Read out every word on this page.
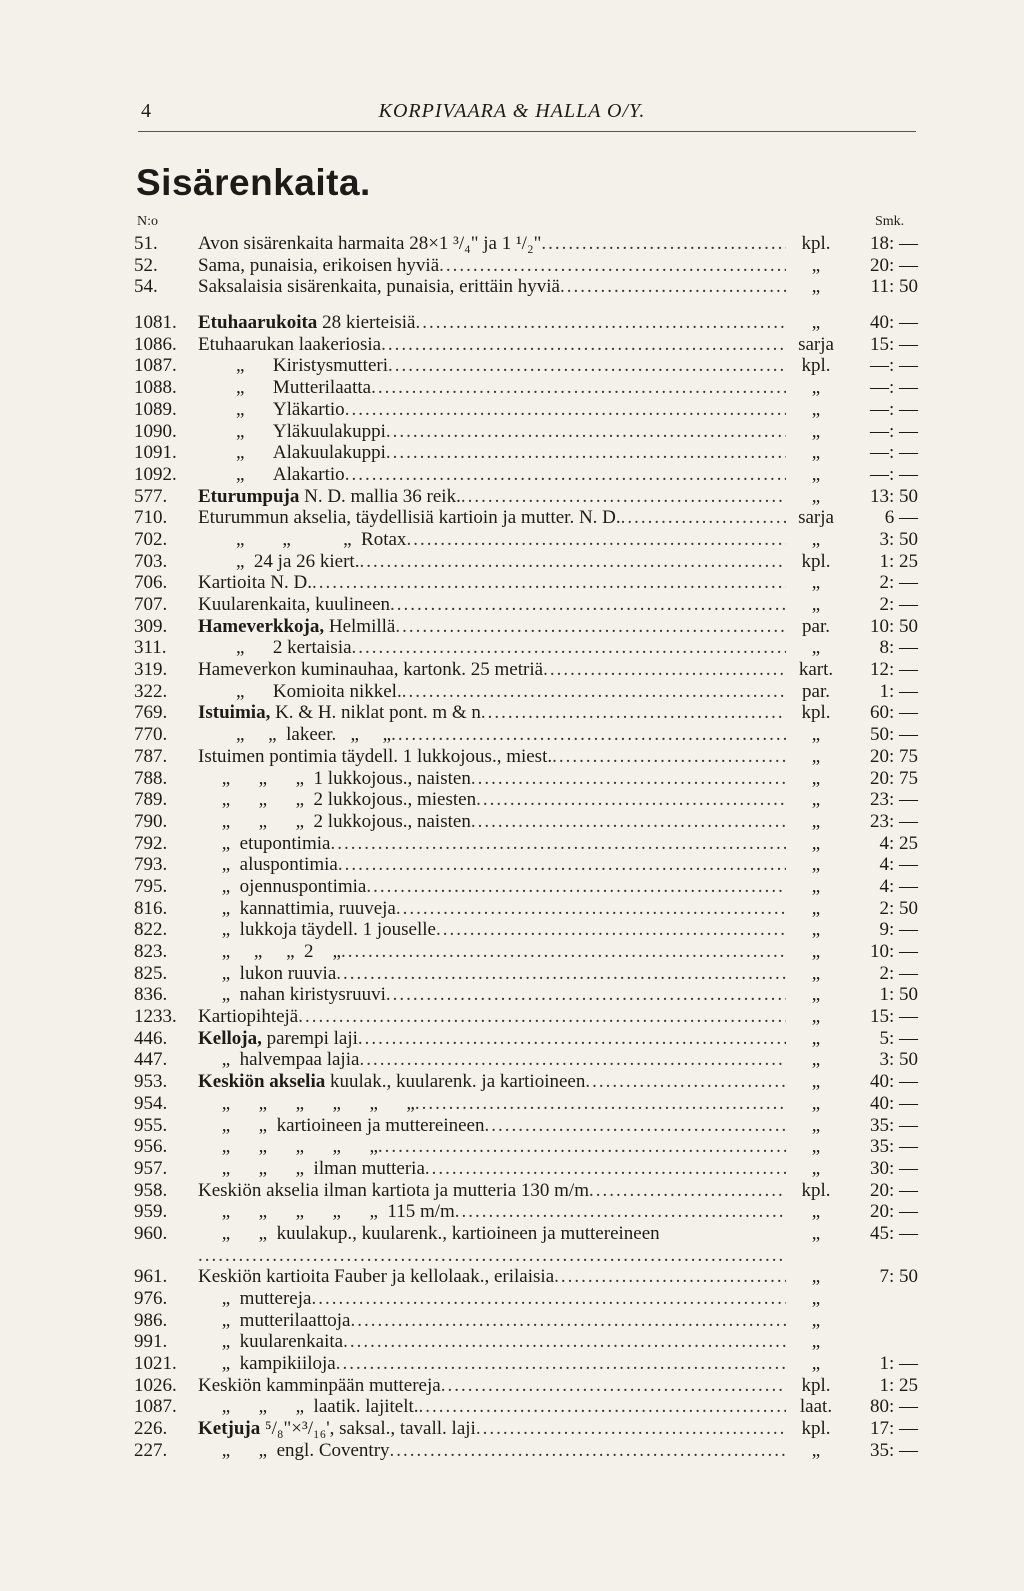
4	KORPIVAARA & HALLA O/Y.
Sisärenkaita.
N:o	Smk.
51.	Avon sisärenkaita harmaita 28×1 ³/₄" ja 1 ¹/₂" .....	kpl.	18: —
52.	Sama, punaisia, erikoisen hyviä .....	„	20: —
54.	Saksalaisia sisärenkaita, punaisia, erittäin hyviä .....	„	11: 50
1081.	Etuhaarukoita 28 kierteisiä .....	„	40: —
1086.	Etuhaarukan laakeriosia .....	sarja	15: —
1087.	„      Kiristysmutteri .....	kpl.	—: —
1088.	„      Mutterilaatta .....	„	—: —
1089.	„      Yläkartio .....	„	—: —
1090.	„      Yläkuulakuppi .....	„	—: —
1091.	„      Alakuulakuppi .....	„	—: —
1092.	„      Alakartio .....	„	—: —
577.	Eturumpuja N. D. mallia 36 reik. .....	„	13: 50
710.	Eturummun akselia, täydellisiä kartioin ja mutter. N. D. .....	sarja	6 —
702.	„        „           „  Rotax .....	„	3: 50
703.	„  24 ja 26 kiert. .....	kpl.	1: 25
706.	Kartioita N. D. .....	„	2: —
707.	Kuularenkaita, kuulineen .....	„	2: —
309.	Hameverkkoja, Helmillä .....	par.	10: 50
311.	„      2 kertaisia .....	„	8: —
319.	Hameverkon kuminauhaa, kartonk. 25 metriä .....	kart.	12: —
322.	„      Komioita nikkel. .....	par.	1: —
769.	Istuimia, K. & H. niklat pont. m & n .....	kpl.	60: —
770.	„     „  lakeer.   „     „ .....	„	50: —
787.	Istuimen pontimia täydell. 1 lukkojous., miest. .....	„	20: 75
788.	„      „      „  1 lukkojous., naisten .....	„	20: 75
789.	„      „      „  2 lukkojous., miesten .....	„	23: —
790.	„      „      „  2 lukkojous., naisten .....	„	23: —
792.	„  etupontimia .....	„	4: 25
793.	„  aluspontimia .....	„	4: —
795.	„  ojennuspontimia .....	„	4: —
816.	„  kannattimia, ruuveja .....	„	2: 50
822.	„  lukkoja täydell. 1 jouselle .....	„	9: —
823.	„     „     „  2    „ .....	„	10: —
825.	„  lukon ruuvia .....	„	2: —
836.	„  nahan kiristysruuvi .....	„	1: 50
1233.	Kartiopihtejä .....	„	15: —
446.	Kelloja, parempi laji .....	„	5: —
447.	„  halvempaa lajia .....	„	3: 50
953.	Keskiön akselia kuulak., kuularenk. ja kartioineen .....	„	40: —
954.	„      „      „      „      „      „ .....	„	40: —
955.	„      „  kartioineen ja muttereineen .....	„	35: —
956.	„      „      „      „      „ .....	„	35: —
957.	„      „      „  ilman mutteria .....	„	30: —
958.	Keskiön akselia ilman kartiota ja mutteria 130 m/m .....	kpl.	20: —
959.	„      „      „      „      „  115 m/m .....	„	20: —
960.	„      „  kuulakup., kuularenk., kartioineen ja muttereineen
.....	„	45: —
961.	Keskiön kartioita Fauber ja kellolaak., erilaisia .....	„	7: 50
976.	„  muttereja .....	„
986.	„  mutterilaattoja .....	„
991.	„  kuularenkaita .....	„
1021.	„  kampikiiloja .....	„	1: —
1026.	Keskiön kamminpään muttereja .....	kpl.	1: 25
1087.	„      „      „  laatik. lajitelt. .....	laat.	80: —
226.	Ketjuja ⁵/₈"×³/₁₆', saksal., tavall. laji .....	kpl.	17: —
227.	„      „  engl. Coventry .....	„	35: —
